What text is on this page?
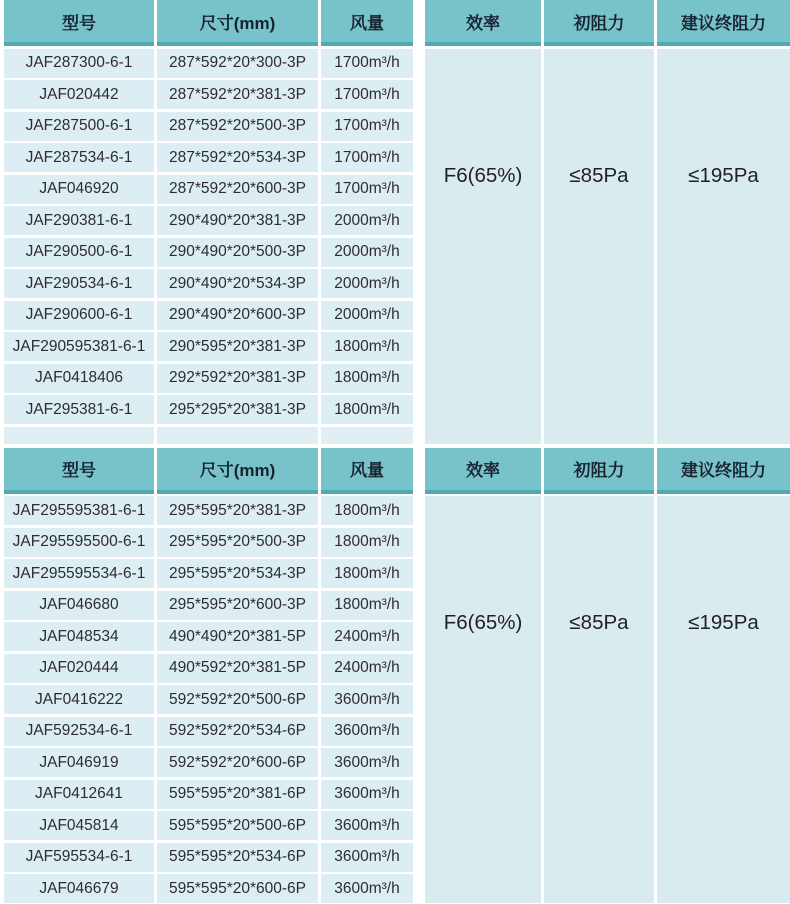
型号	尺寸(mm)	风量	效率	初阻力	建议终阻力
JAF287300-6-1	287*592*20*300-3P	1700m³/h
JAF020442	287*592*20*381-3P	1700m³/h
JAF287500-6-1	287*592*20*500-3P	1700m³/h
JAF287534-6-1	287*592*20*534-3P	1700m³/h
JAF046920	287*592*20*600-3P	1700m³/h
JAF290381-6-1	290*490*20*381-3P	2000m³/h
JAF290500-6-1	290*490*20*500-3P	2000m³/h
JAF290534-6-1	290*490*20*534-3P	2000m³/h
JAF290600-6-1	290*490*20*600-3P	2000m³/h
JAF290595381-6-1	290*595*20*381-3P	1800m³/h
JAF0418406	292*592*20*381-3P	1800m³/h
JAF295381-6-1	295*295*20*381-3P	1800m³/h
F6(65%)	≤85Pa	≤195Pa
型号	尺寸(mm)	风量	效率	初阻力	建议终阻力
JAF295595381-6-1	295*595*20*381-3P	1800m³/h
JAF295595500-6-1	295*595*20*500-3P	1800m³/h
JAF295595534-6-1	295*595*20*534-3P	1800m³/h
JAF046680	295*595*20*600-3P	1800m³/h
JAF048534	490*490*20*381-5P	2400m³/h
JAF020444	490*592*20*381-5P	2400m³/h
JAF0416222	592*592*20*500-6P	3600m³/h
JAF592534-6-1	592*592*20*534-6P	3600m³/h
JAF046919	592*592*20*600-6P	3600m³/h
JAF0412641	595*595*20*381-6P	3600m³/h
JAF045814	595*595*20*500-6P	3600m³/h
JAF595534-6-1	595*595*20*534-6P	3600m³/h
JAF046679	595*595*20*600-6P	3600m³/h
F6(65%)	≤85Pa	≤195Pa
